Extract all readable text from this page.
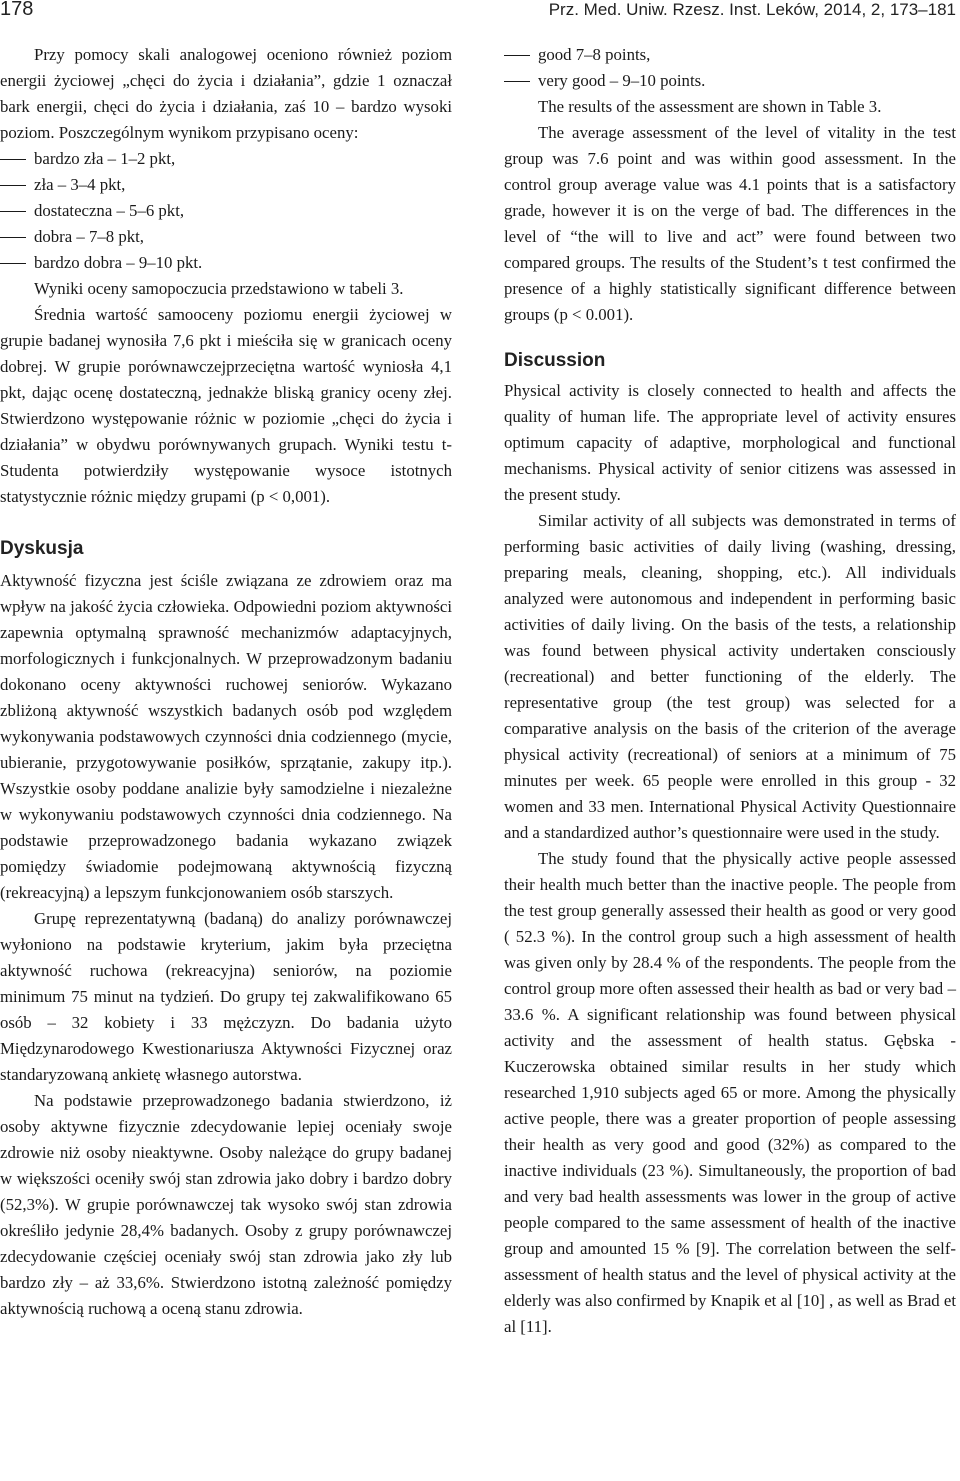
178	Prz. Med. Uniw. Rzesz. Inst. Leków, 2014, 2, 173–181

Przy pomocy skali analogowej oceniono również poziom energii życiowej „chęci do życia i działania”, gdzie 1 oznaczał bark energii, chęci do życia i działania, zaś 10 – bardzo wysoki poziom. Poszczególnym wynikom przypisano oceny:

bardzo zła – 1–2 pkt,
zła – 3–4 pkt,
dostateczna – 5–6 pkt,
dobra – 7–8 pkt,
bardzo dobra – 9–10 pkt.

Wyniki oceny samopoczucia przedstawiono w tabeli 3.

Średnia wartość samooceny poziomu energii życiowej w grupie badanej wynosiła 7,6 pkt i mieściła się w granicach oceny dobrej. W grupie porównawczejprzeciętna wartość wyniosła 4,1 pkt, dając ocenę dostateczną, jednakże bliską granicy oceny złej. Stwierdzono występowanie różnic w poziomie „chęci do życia i działania” w obydwu porównywanych grupach. Wyniki testu t-Studenta potwierdziły występowanie wysoce istotnych statystycznie różnic między grupami (p < 0,001).

Dyskusja

Aktywność fizyczna jest ściśle związana ze zdrowiem oraz ma wpływ na jakość życia człowieka. Odpowiedni poziom aktywności zapewnia optymalną sprawność mechanizmów adaptacyjnych, morfologicznych i funkcjonalnych. W przeprowadzonym badaniu dokonano oceny aktywności ruchowej seniorów. Wykazano zbliżoną aktywność wszystkich badanych osób pod względem wykonywania podstawowych czynności dnia codziennego (mycie, ubieranie, przygotowywanie posiłków, sprzątanie, zakupy itp.). Wszystkie osoby poddane analizie były samodzielne i niezależne w wykonywaniu podstawowych czynności dnia codziennego. Na podstawie przeprowadzonego badania wykazano związek pomiędzy świadomie podejmowaną aktywnością fizyczną (rekreacyjną) a lepszym funkcjonowaniem osób starszych.

Grupę reprezentatywną (badaną) do analizy porównawczej wyłoniono na podstawie kryterium, jakim była przeciętna aktywność ruchowa (rekreacyjna) seniorów, na poziomie minimum 75 minut na tydzień. Do grupy tej zakwalifikowano 65 osób – 32 kobiety i 33 mężczyzn. Do badania użyto Międzynarodowego Kwestionariusza Aktywności Fizycznej oraz standaryzowaną ankietę własnego autorstwa.

Na podstawie przeprowadzonego badania stwierdzono, iż osoby aktywne fizycznie zdecydowanie lepiej oceniały swoje zdrowie niż osoby nieaktywne. Osoby należące do grupy badanej w większości oceniły swój stan zdrowia jako dobry i bardzo dobry (52,3%). W grupie porównawczej tak wysoko swój stan zdrowia określiło jedynie 28,4% badanych. Osoby z grupy porównawczej zdecydowanie częściej oceniały swój stan zdrowia jako zły lub bardzo zły – aż 33,6%. Stwierdzono istotną zależność pomiędzy aktywnością ruchową a oceną stanu zdrowia.

good 7–8 points,
very good – 9–10 points.

The results of the assessment are shown in Table 3.

The average assessment of the level of vitality in the test group was 7.6 point and was within good assessment. In the control group average value was 4.1 points that is a satisfactory grade, however it is on the verge of bad. The differences in the level of “the will to live and act” were found between two compared groups. The results of the Student’s t test confirmed the presence of a highly statistically significant difference between groups (p < 0.001).

Discussion

Physical activity is closely connected to health and affects the quality of human life. The appropriate level of activity ensures optimum capacity of adaptive, morphological and functional mechanisms. Physical activity of senior citizens was assessed in the present study.

Similar activity of all subjects was demonstrated in terms of performing basic activities of daily living (washing, dressing, preparing meals, cleaning, shopping, etc.). All individuals analyzed were autonomous and independent in performing basic activities of daily living. On the basis of the tests, a relationship was found between physical activity undertaken consciously (recreational) and better functioning of the elderly. The representative group (the test group) was selected for a comparative analysis on the basis of the criterion of the average physical activity (recreational) of seniors at a minimum of 75 minutes per week. 65 people were enrolled in this group - 32 women and 33 men. International Physical Activity Questionnaire and a standardized author’s questionnaire were used in the study.

The study found that the physically active people assessed their health much better than the inactive people. The people from the test group generally assessed their health as good or very good ( 52.3 %). In the control group such a high assessment of health was given only by 28.4 % of the respondents. The people from the control group more often assessed their health as bad or very bad –33.6 %. A significant relationship was found between physical activity and the assessment of health status. Gębska - Kuczerowska obtained similar results in her study which researched 1,910 subjects aged 65 or more. Among the physically active people, there was a greater proportion of people assessing their health as very good and good (32%) as compared to the inactive individuals (23 %). Simultaneously, the proportion of bad and very bad health assessments was lower in the group of active people compared to the same assessment of health of the inactive group and amounted 15 % [9]. The correlation between the self-assessment of health status and the level of physical activity at the elderly was also confirmed by Knapik et al [10] , as well as Brad et al [11].
